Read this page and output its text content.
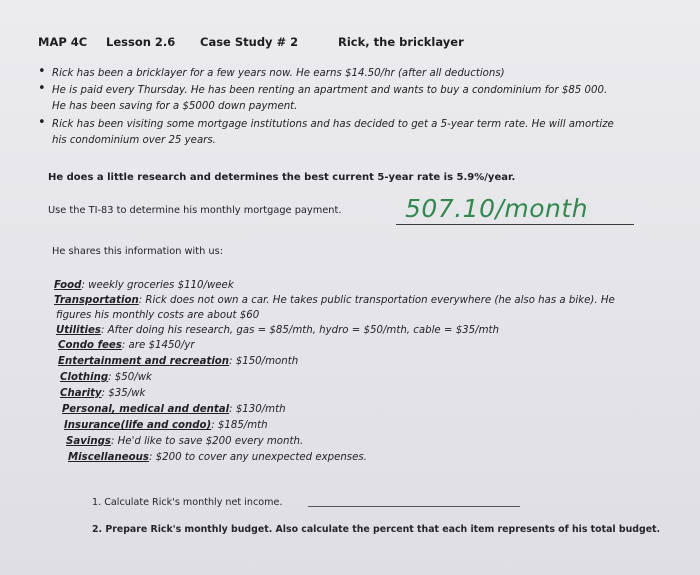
MAP 4C Lesson 2.6 Case Study # 2	Rick, the bricklayer
• Rick has been a bricklayer for a few years now. He earns $14.50/hr (after all deductions)
• He is paid every Thursday. He has been renting an apartment and wants to buy a condominium for $85 000.
He has been saving for a $5000 down payment.
• Rick has been visiting some mortgage institutions and has decided to get a 5-year term rate. He will amortize
his condominium over 25 years.
He does a little research and determines the best current 5-year rate is 5.9%/year.
Use the TI-83 to determine his monthly mortgage payment.	507.10/month
He shares this information with us:
Food: weekly groceries $110/week
Transportation: Rick does not own a car. He takes public transportation everywhere (he also has a bike). He
figures his monthly costs are about $60
Utilities: After doing his research, gas = $85/mth, hydro = $50/mth, cable = $35/mth
Condo fees: are $1450/yr
Entertainment and recreation: $150/month
Clothing: $50/wk
Charity: $35/wk
Personal, medical and dental: $130/mth
Insurance(life and condo): $185/mth
Savings: He'd like to save $200 every month.
Miscellaneous: $200 to cover any unexpected expenses.
1. Calculate Rick's monthly net income.
2. Prepare Rick's monthly budget. Also calculate the percent that each item represents of his total budget.
